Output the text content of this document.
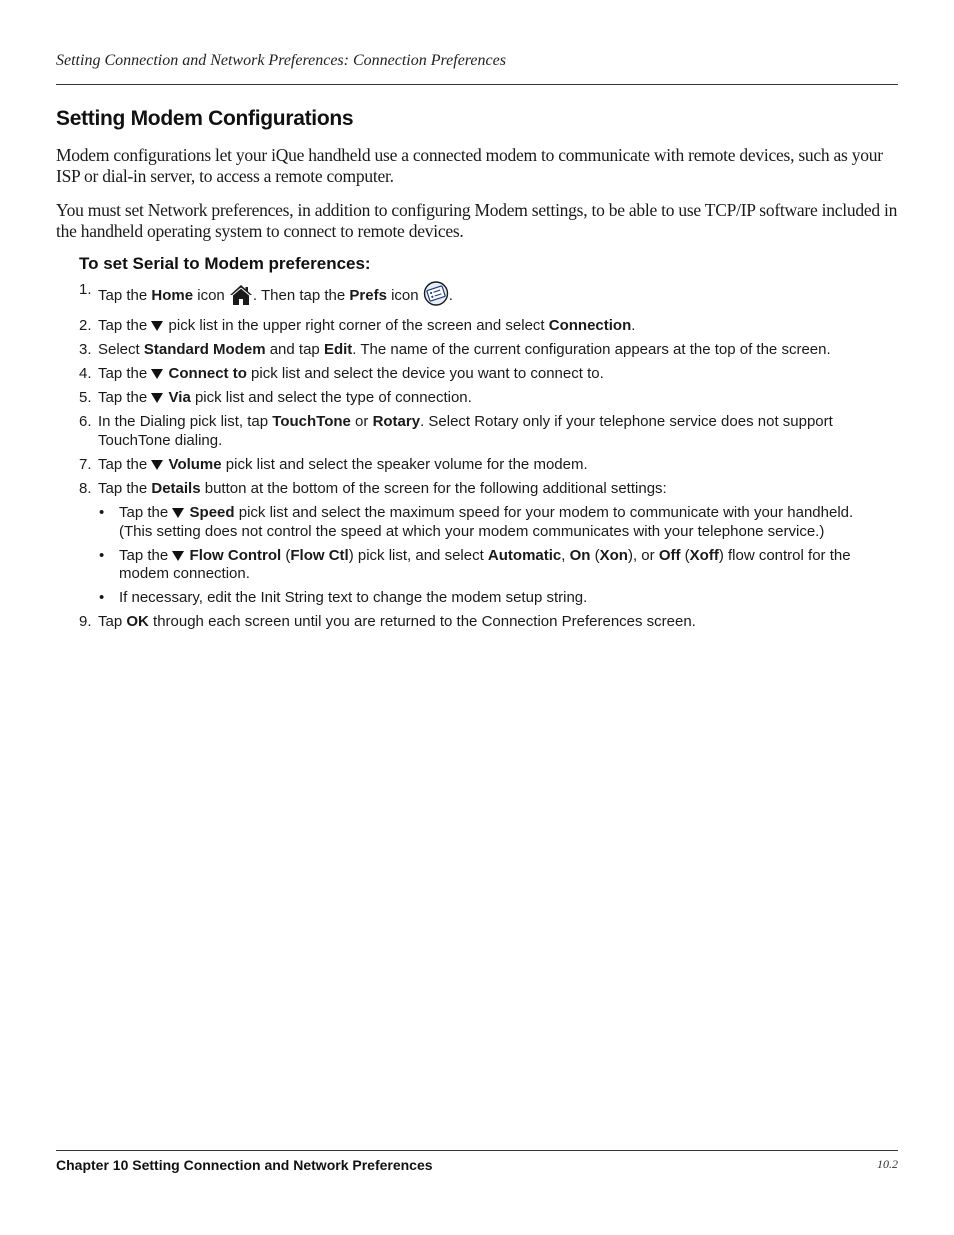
Setting Connection and Network Preferences: Connection Preferences
Setting Modem Configurations

Modem configurations let your iQue handheld use a connected modem to communicate with remote devices, such as your ISP or dial-in server, to access a remote computer.

You must set Network preferences, in addition to configuring Modem settings, to be able to use TCP/IP software included in the handheld operating system to connect to remote devices.

To set Serial to Modem preferences:
1. Tap the Home icon . Then tap the Prefs icon .
2. Tap the  pick list in the upper right corner of the screen and select Connection.
3. Select Standard Modem and tap Edit. The name of the current configuration appears at the top of the screen.
4. Tap the  Connect to pick list and select the device you want to connect to.
5. Tap the  Via pick list and select the type of connection.
6. In the Dialing pick list, tap TouchTone or Rotary. Select Rotary only if your telephone service does not support TouchTone dialing.
7. Tap the  Volume pick list and select the speaker volume for the modem.
8. Tap the Details button at the bottom of the screen for the following additional settings:
• Tap the  Speed pick list and select the maximum speed for your modem to communicate with your handheld. (This setting does not control the speed at which your modem communicates with your telephone service.)
• Tap the  Flow Control (Flow Ctl) pick list, and select Automatic, On (Xon), or Off (Xoff) flow control for the modem connection.
• If necessary, edit the Init String text to change the modem setup string.
9. Tap OK through each screen until you are returned to the Connection Preferences screen.
Chapter 10 Setting Connection and Network Preferences	10.2
